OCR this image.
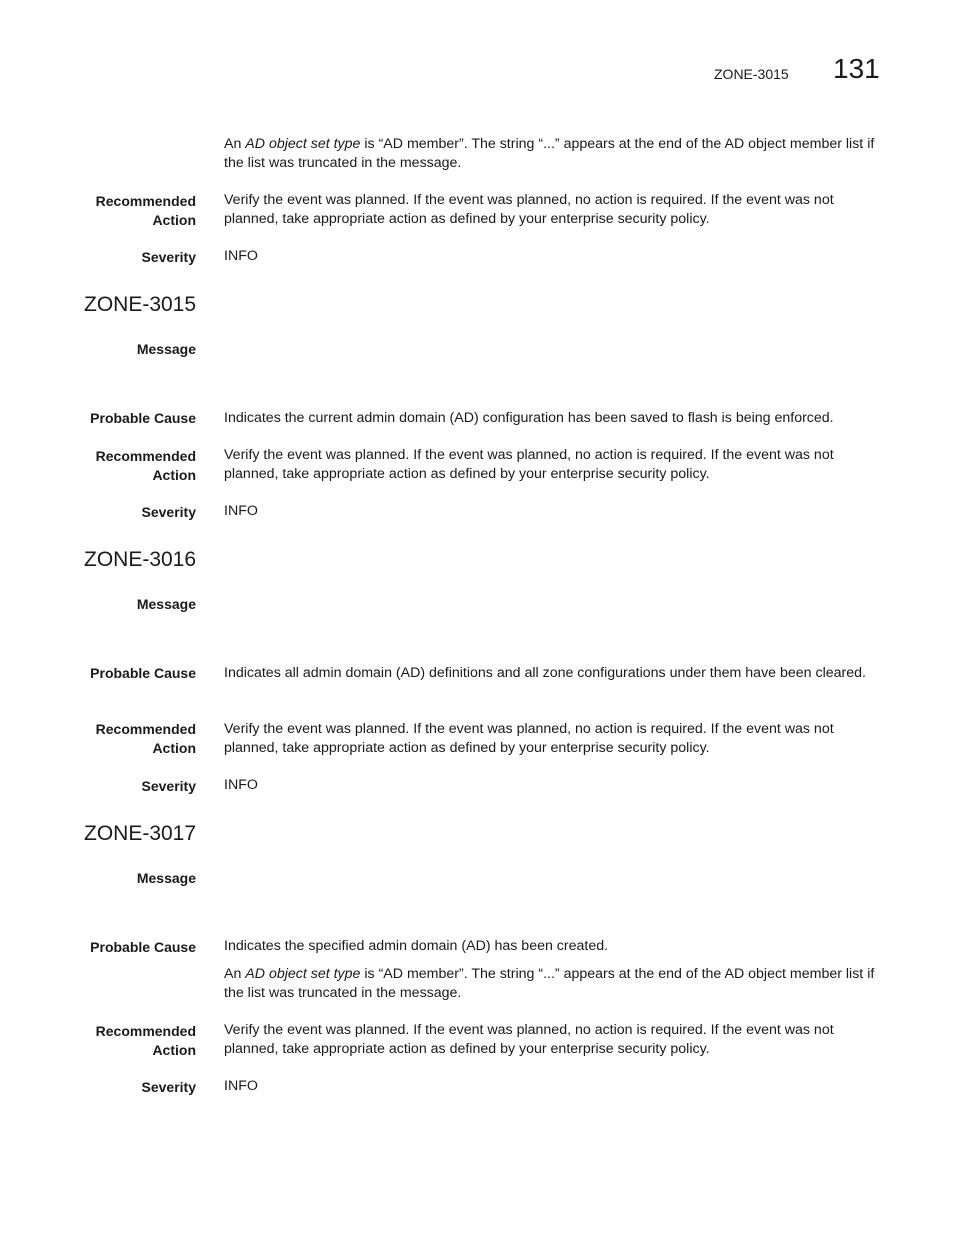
ZONE-3015 131
An AD object set type is “AD member”. The string “...” appears at the end of the AD object member list if the list was truncated in the message.
Recommended
Action
Verify the event was planned. If the event was planned, no action is required. If the event was not planned, take appropriate action as defined by your enterprise security policy.
Severity INFO
ZONE-3015
Message
Probable Cause Indicates the current admin domain (AD) configuration has been saved to flash is being enforced.
Recommended
Action
Verify the event was planned. If the event was planned, no action is required. If the event was not planned, take appropriate action as defined by your enterprise security policy.
Severity INFO
ZONE-3016
Message
Probable Cause Indicates all admin domain (AD) definitions and all zone configurations under them have been cleared.
Recommended
Action
Verify the event was planned. If the event was planned, no action is required. If the event was not planned, take appropriate action as defined by your enterprise security policy.
Severity INFO
ZONE-3017
Message
Probable Cause Indicates the specified admin domain (AD) has been created.
An AD object set type is “AD member”. The string “...” appears at the end of the AD object member list if the list was truncated in the message.
Recommended
Action
Verify the event was planned. If the event was planned, no action is required. If the event was not planned, take appropriate action as defined by your enterprise security policy.
Severity INFO
